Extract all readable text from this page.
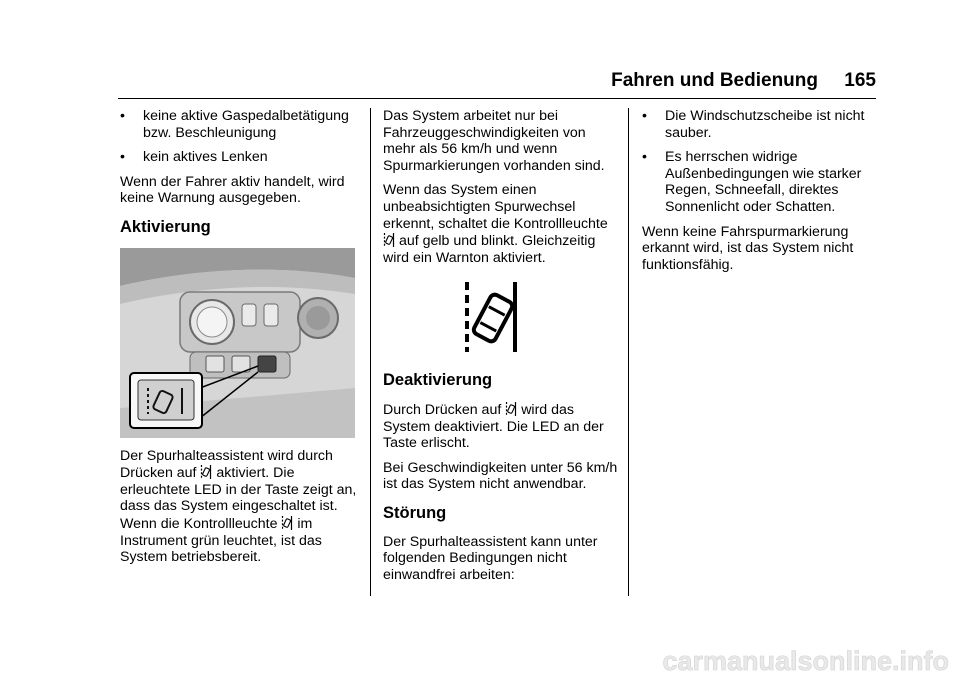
Fahren und Bedienung 165
•	keine aktive Gaspedalbetätigung bzw. Beschleunigung
•	kein aktives Lenken

Wenn der Fahrer aktiv handelt, wird keine Warnung ausgegeben.

Aktivierung

Der Spurhalteassistent wird durch Drücken auf aktiviert. Die erleuchtete LED in der Taste zeigt an, dass das System eingeschaltet ist. Wenn die Kontrollleuchte im Instrument grün leuchtet, ist das System betriebsbereit.

Das System arbeitet nur bei Fahrzeuggeschwindigkeiten von mehr als 56 km/h und wenn Spurmarkierungen vorhanden sind.

Wenn das System einen unbeabsichtigten Spurwechsel erkennt, schaltet die Kontrollleuchte  auf gelb und blinkt. Gleichzeitig wird ein Warnton aktiviert.

Deaktivierung

Durch Drücken auf wird das System deaktiviert. Die LED an der Taste erlischt.

Bei Geschwindigkeiten unter 56 km/h ist das System nicht anwendbar.

Störung

Der Spurhalteassistent kann unter folgenden Bedingungen nicht einwandfrei arbeiten:

•	Die Windschutzscheibe ist nicht sauber.
•	Es herrschen widrige Außenbedingungen wie starker Regen, Schneefall, direktes Sonnenlicht oder Schatten.

Wenn keine Fahrspurmarkierung erkannt wird, ist das System nicht funktionsfähig.

carmanualsonline.info
